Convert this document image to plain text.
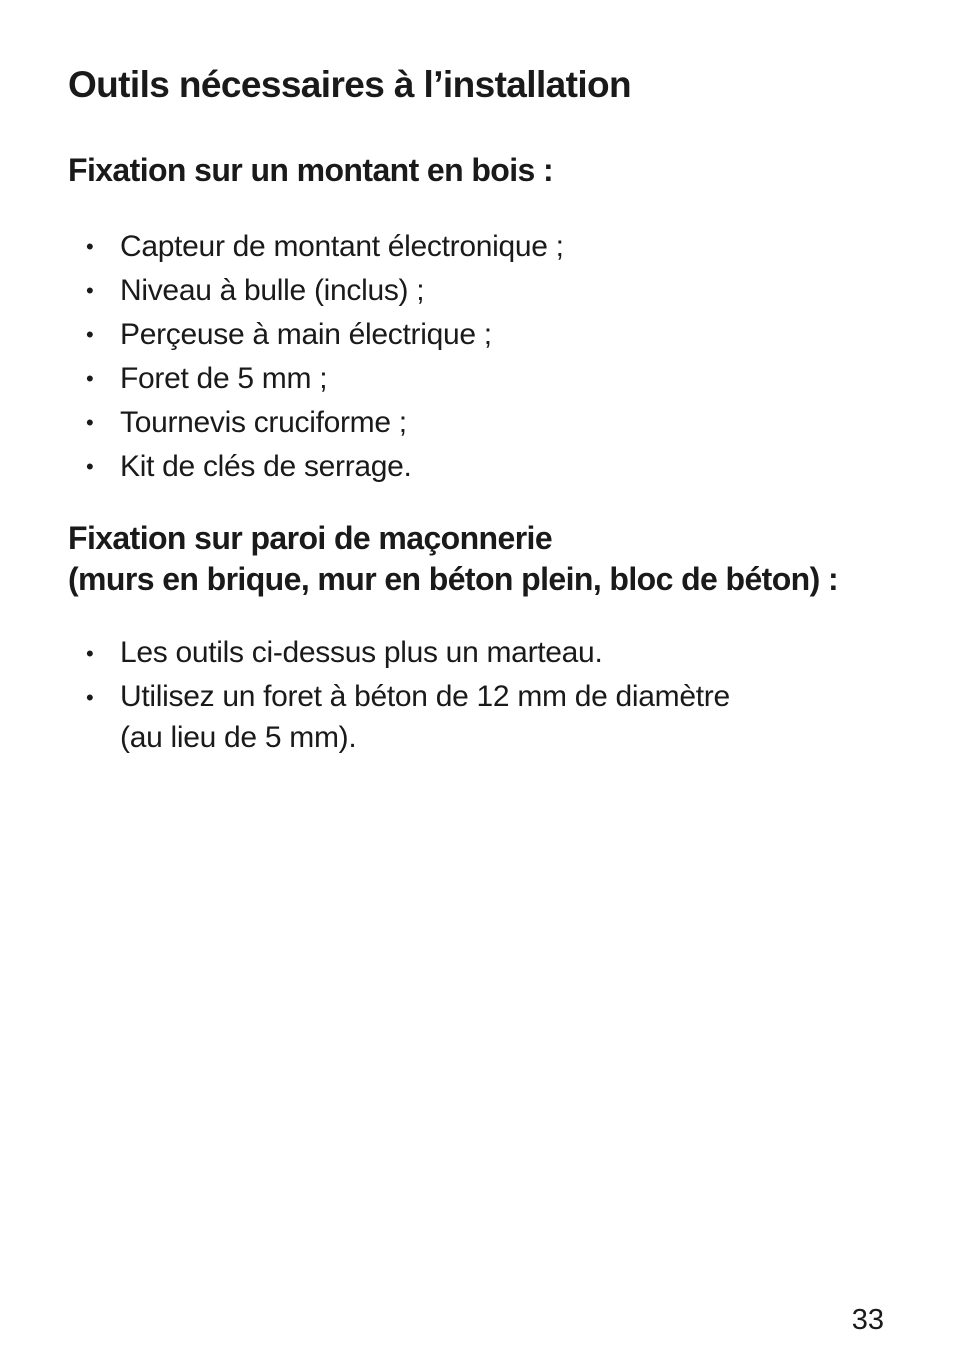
Outils nécessaires à l’installation
Fixation sur un montant en bois :
• Capteur de montant électronique ;
• Niveau à bulle (inclus) ;
• Perçeuse à main électrique ;
• Foret de 5 mm ;
• Tournevis cruciforme ;
• Kit de clés de serrage.
Fixation sur paroi de maçonnerie
(murs en brique, mur en béton plein, bloc de béton) :
• Les outils ci-dessus plus un marteau.
• Utilisez un foret à béton de 12 mm de diamètre
(au lieu de 5 mm).
33
